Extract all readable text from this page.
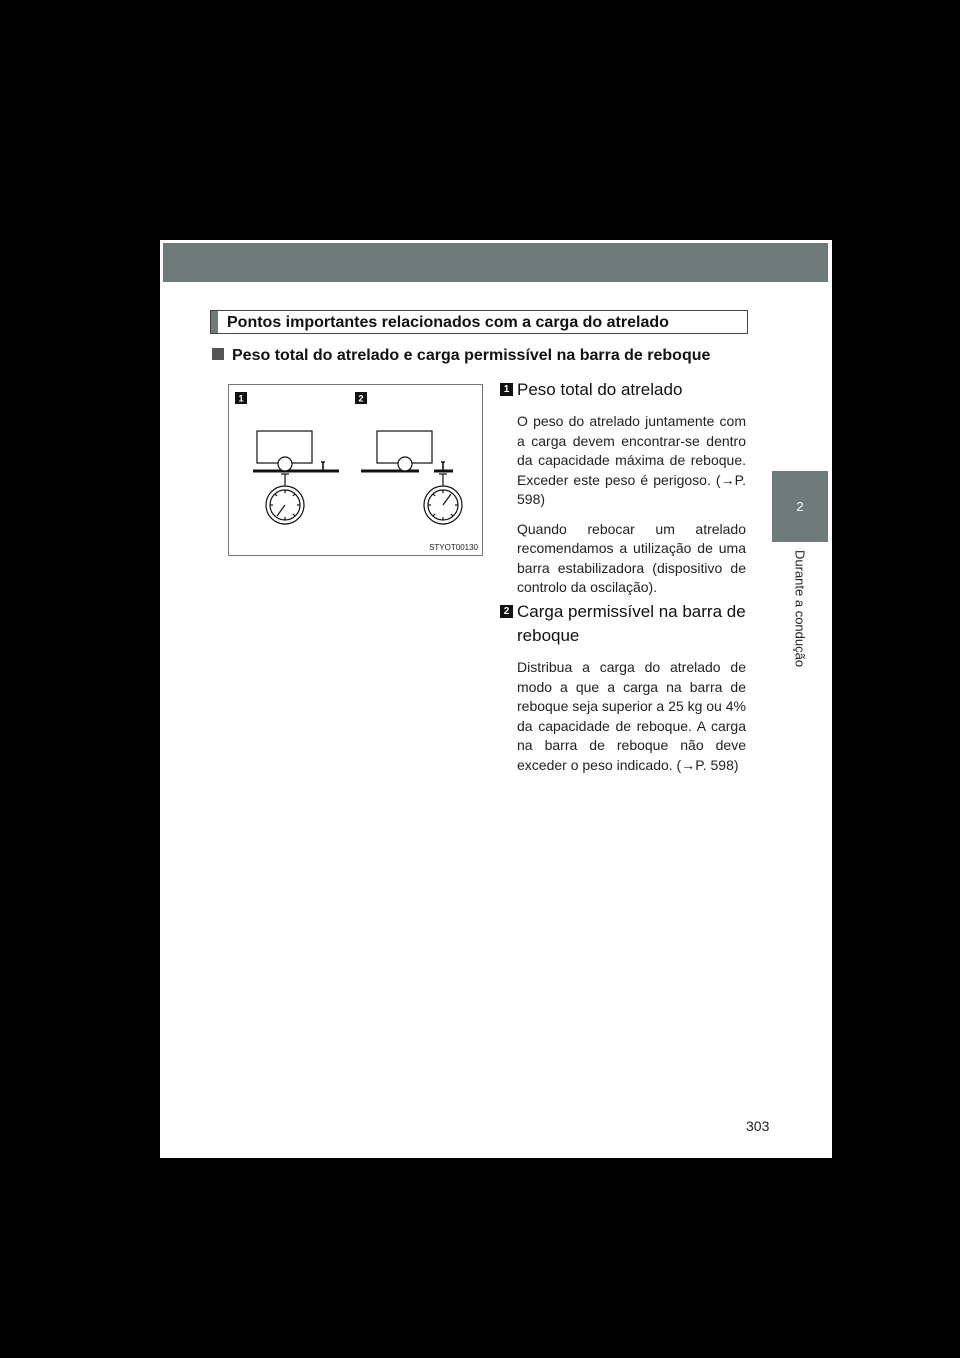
2
Durante a condução
Pontos importantes relacionados com a carga do atrelado
Peso total do atrelado e carga permissível na barra de reboque
1	2
STYOT00130
1 Peso total do atrelado

O peso do atrelado juntamente com a carga devem encontrar-se dentro da capacidade máxima de reboque. Exceder este peso é perigoso. (→P. 598)

Quando rebocar um atrelado recomendamos a utilização de uma barra estabilizadora (dispositivo de controlo da oscilação).

2 Carga permissível na barra de reboque

Distribua a carga do atrelado de modo a que a carga na barra de reboque seja superior a 25 kg ou 4% da capacidade de reboque. A carga na barra de reboque não deve exceder o peso indicado. (→P. 598)

303
